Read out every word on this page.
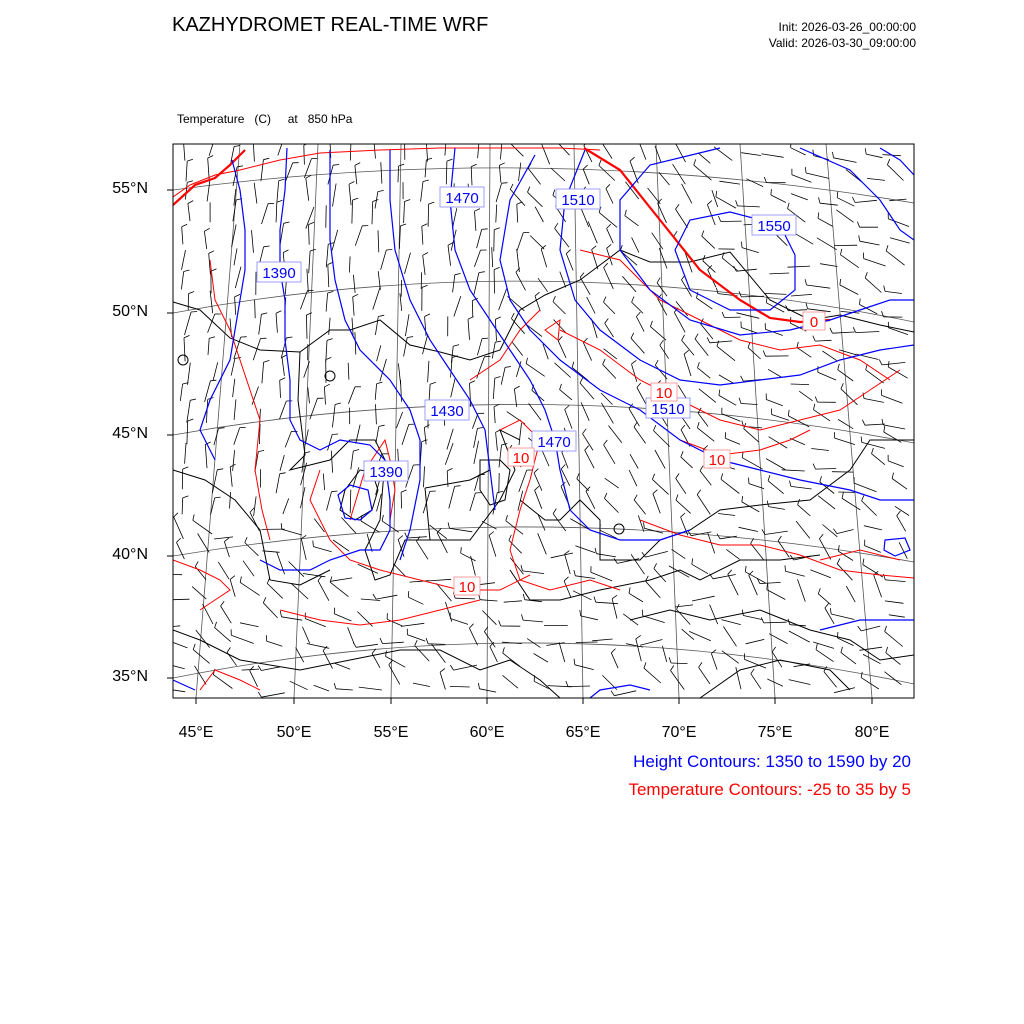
KAZHYDROMET REAL-TIME WRF	Init: 2026-03-26_00:00:00
Valid: 2026-03-30_09:00:00

Temperature   (C)     at   850 hPa

1470	1510
1550
1390
1430	1510
1470
1390
0
10
10
10
10
55°N
50°N
45°N
40°N
35°N
45°E	50°E	55°E	60°E	65°E	70°E	75°E	80°E
Height Contours: 1350 to 1590 by 20
Temperature Contours: -25 to 35 by 5
